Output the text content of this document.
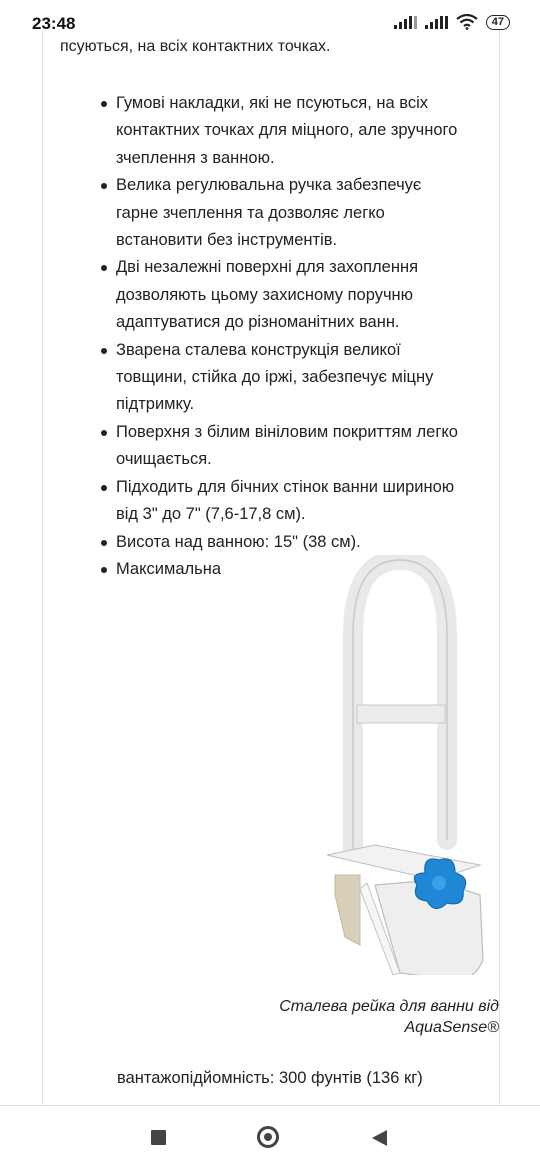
23:48	47
псуються, на всіх контактних точках.
Гумові накладки, які не псуються, на всіх контактних точках для міцного, але зручного зчеплення з ванною.
Велика регулювальна ручка забезпечує гарне зчеплення та дозволяє легко встановити без інструментів.
Дві незалежні поверхні для захоплення дозволяють цьому захисному поручню адаптуватися до різноманітних ванн.
Зварена сталева конструкція великої товщини, стійка до іржі, забезпечує міцну підтримку.
Поверхня з білим вініловим покриттям легко очищається.
Підходить для бічних стінок ванни шириною від 3" до 7" (7,6-17,8 см).
Висота над ванною: 15" (38 см).
Максимальна
Сталева рейка для ванни від AquaSense®
вантажопідйомність: 300 фунтів (136 кг)
